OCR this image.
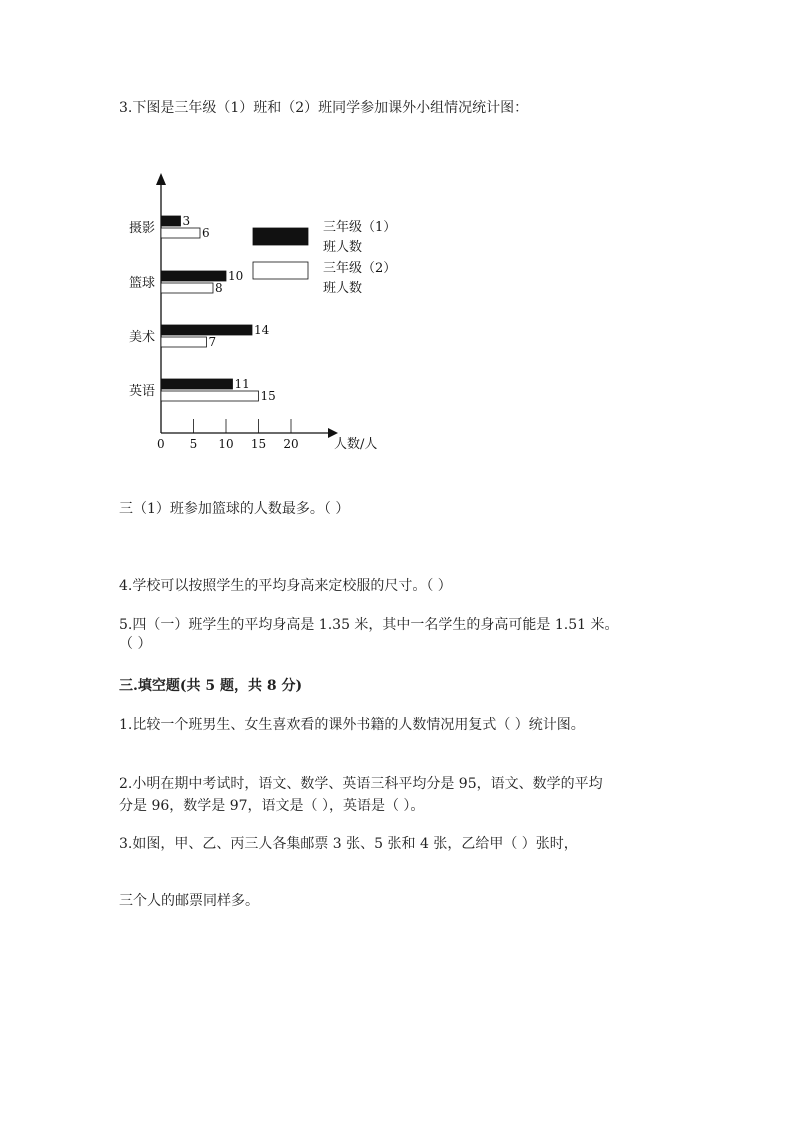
3.下图是三年级（1）班和（2）班同学参加课外小组情况统计图：
0 5 10 15 20	人数/人
摄影
篮球
美术
英语
3
10
14
11
6
8
7
15
三年级（1）
班人数
三年级（2）
班人数
三（1）班参加篮球的人数最多。（ ）
4.学校可以按照学生的平均身高来定校服的尺寸。（ ）
5.四（一）班学生的平均身高是 1.35 米，其中一名学生的身高可能是 1.51 米。
（ ）
三.填空题(共 5 题，共 8 分)
1.比较一个班男生、女生喜欢看的课外书籍的人数情况用复式（ ）统计图。
2.小明在期中考试时，语文、数学、英语三科平均分是 95，语文、数学的平均
分是 96，数学是 97，语文是（ ），英语是（ ）。
3.如图，甲、乙、丙三人各集邮票 3 张、5 张和 4 张，乙给甲（ ）张时，
三个人的邮票同样多。
